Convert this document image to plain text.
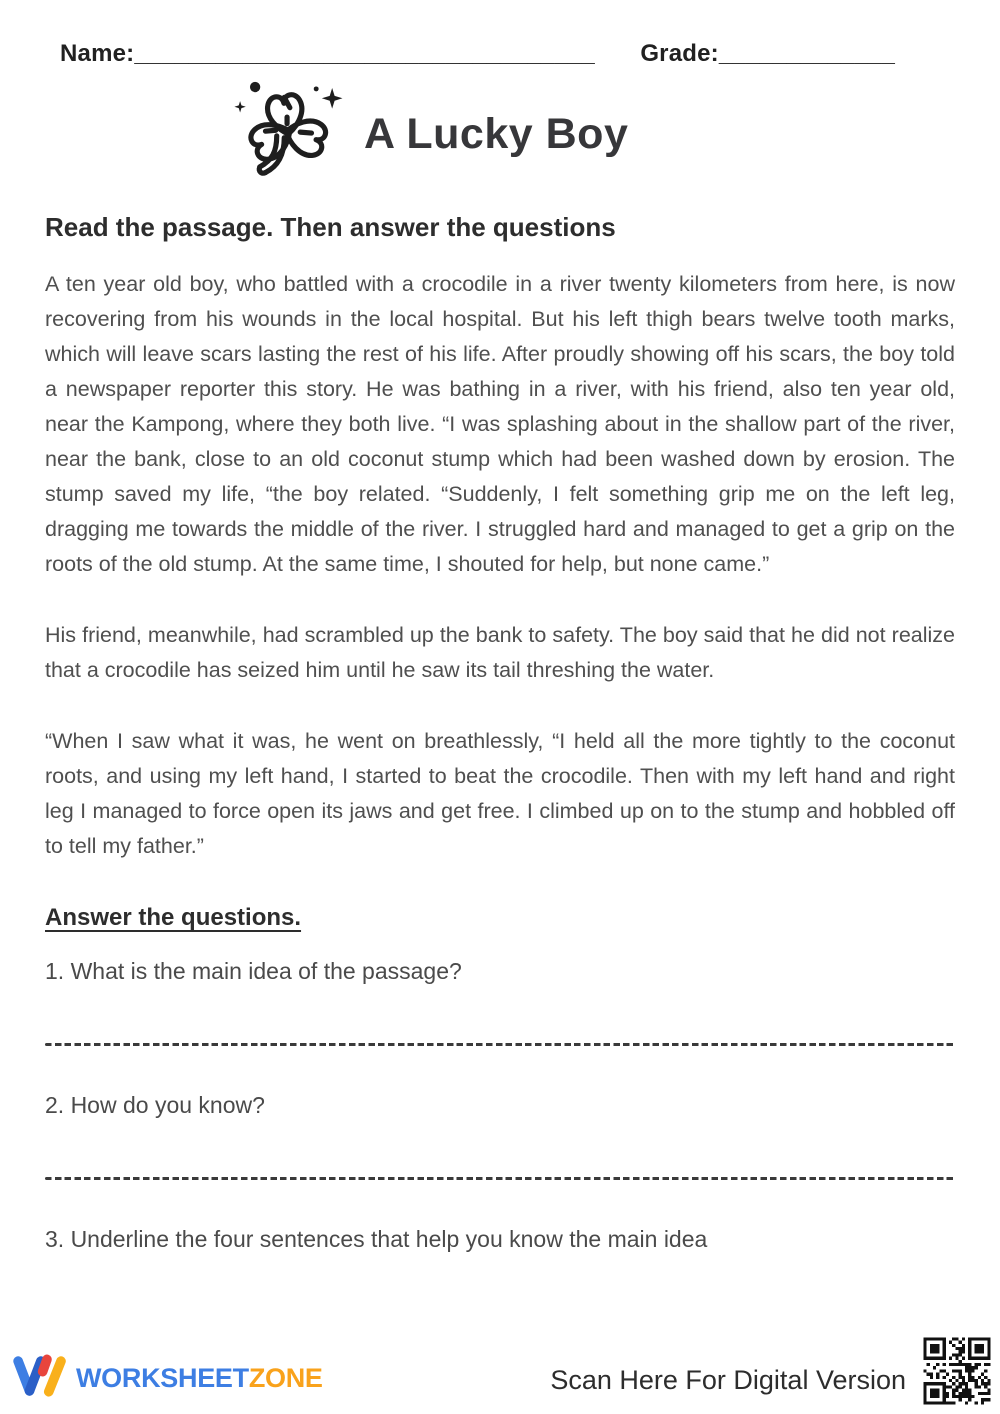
Name:__________________________________ Grade:_____________
A Lucky Boy
Read the passage. Then answer the questions

A ten year old boy, who battled with a crocodile in a river twenty kilometers from here, is now recovering from his wounds in the local hospital. But his left thigh bears twelve tooth marks, which will leave scars lasting the rest of his life. After proudly showing off his scars, the boy told a newspaper reporter this story. He was bathing in a river, with his friend, also ten year old, near the Kampong, where they both live. “I was splashing about in the shallow part of the river, near the bank, close to an old coconut stump which had been washed down by erosion. The stump saved my life, “the boy related. “Suddenly, I felt something grip me on the left leg, dragging me towards the middle of the river. I struggled hard and managed to get a grip on the roots of the old stump. At the same time, I shouted for help, but none came.”

His friend, meanwhile, had scrambled up the bank to safety. The boy said that he did not realize that a crocodile has seized him until he saw its tail threshing the water.

“When I saw what it was, he went on breathlessly, “I held all the more tightly to the coconut roots, and using my left hand, I started to beat the crocodile. Then with my left hand and right leg I managed to force open its jaws and get free. I climbed up on to the stump and hobbled off to tell my father.”

Answer the questions.
1. What is the main idea of the passage?
2. How do you know?
3. Underline the four sentences that help you know the main idea
WORKSHEETZONE	Scan Here For Digital Version
